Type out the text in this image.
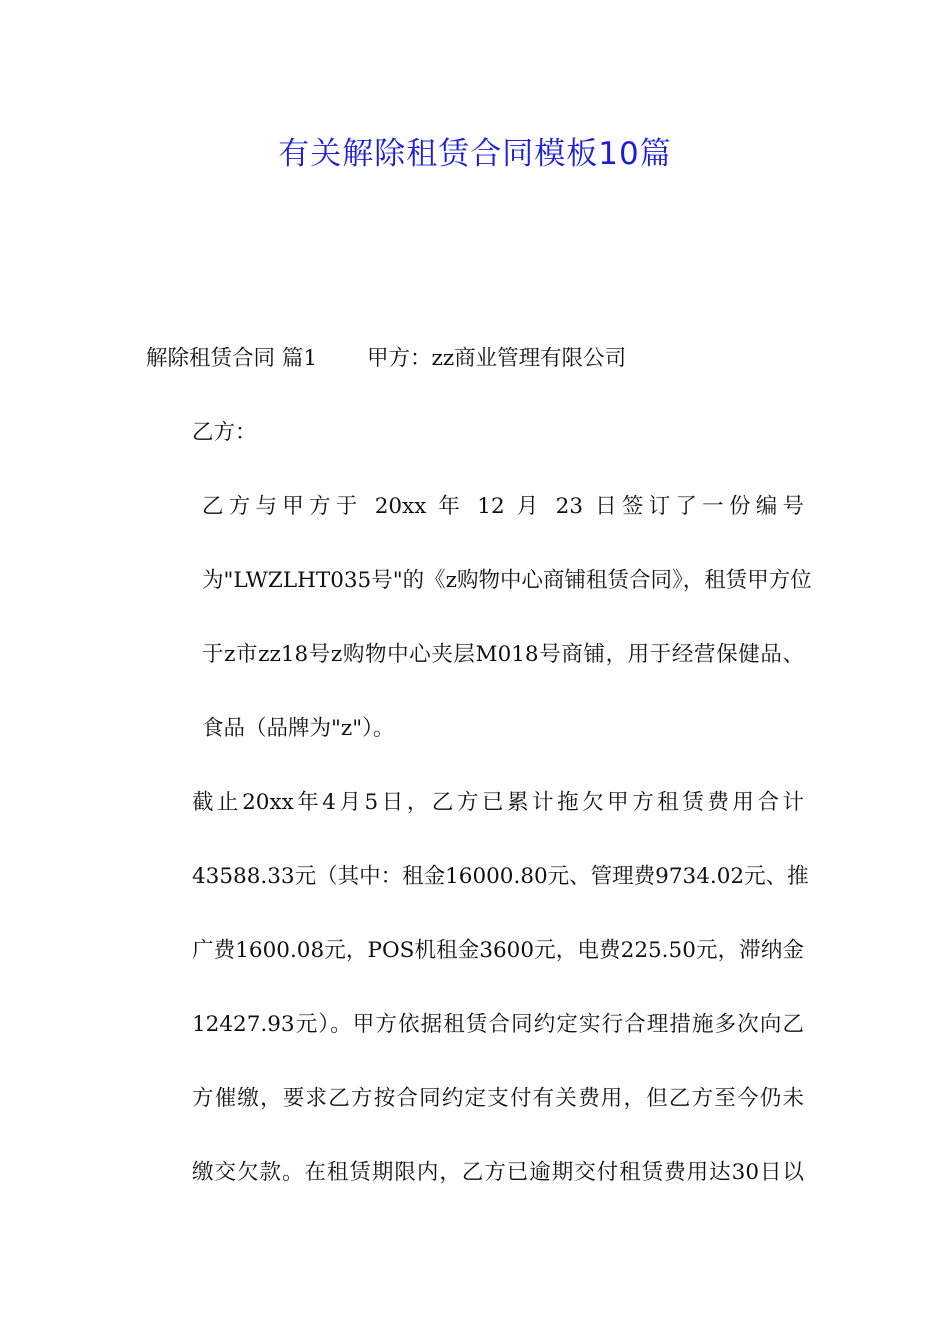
有关解除租赁合同模板10篇
解除租赁合同 篇1 甲方：zz商业管理有限公司
乙方：
乙方与甲方于 20xx 年 12 月 23 日签订了一份编号
为"LWZLHT035号"的《z购物中心商铺租赁合同》，租赁甲方位
于z市zz18号z购物中心夹层M018号商铺，用于经营保健品、
食品（品牌为"z"）。
截止20xx年4月5日，乙方已累计拖欠甲方租赁费用合计
43588.33元（其中：租金16000.80元、管理费9734.02元、推
广费1600.08元，POS机租金3600元，电费225.50元，滞纳金
12427.93元）。甲方依据租赁合同约定实行合理措施多次向乙
方催缴，要求乙方按合同约定支付有关费用，但乙方至今仍未
缴交欠款。在租赁期限内，乙方已逾期交付租赁费用达30日以
